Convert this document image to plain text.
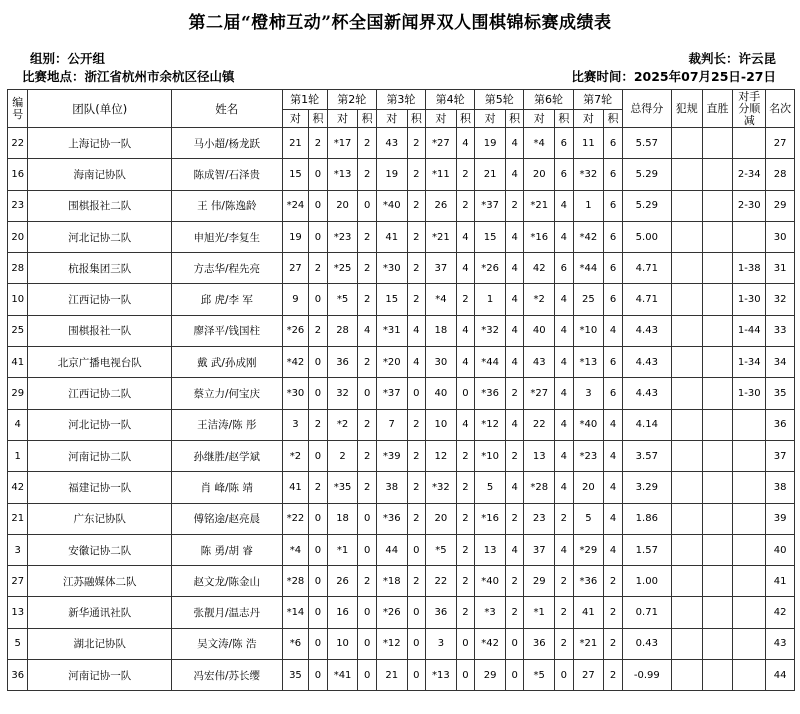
第二届“橙柿互动”杯全国新闻界双人围棋锦标赛成绩表
组别：公开组
比赛地点：浙江省杭州市余杭区径山镇
裁判长：许云昆
比赛时间：2025年07月25日-27日
编号	团队(单位)	姓名	第1轮		第2轮		第3轮		第4轮		第5轮		第6轮		第7轮		总得分	犯规	直胜	对手分顺减	名次
			对	积	对	积	对	积	对	积	对	积	对	积	对	积					
22	上海记协一队	马小超/杨龙跃	21	2	*17	2	43	2	*27	4	19	4	*4	6	11	6	5.57				27
16	海南记协队	陈成智/石泽贵	15	0	*13	2	19	2	*11	2	21	4	20	6	*32	6	5.29			2-34	28
23	围棋报社二队	王 伟/陈逸龄	*24	0	20	0	*40	2	26	2	*37	2	*21	4	1	6	5.29			2-30	29
20	河北记协二队	申旭光/李复生	19	0	*23	2	41	2	*21	4	15	4	*16	4	*42	6	5.00				30
28	杭报集团三队	方志华/程先亮	27	2	*25	2	*30	2	37	4	*26	4	42	6	*44	6	4.71			1-38	31
10	江西记协一队	邱 虎/李 军	9	0	*5	2	15	2	*4	2	1	4	*2	4	25	6	4.71			1-30	32
25	围棋报社一队	廖泽平/钱国柱	*26	2	28	4	*31	4	18	4	*32	4	40	4	*10	4	4.43			1-44	33
41	北京广播电视台队	戴 武/孙成刚	*42	0	36	2	*20	4	30	4	*44	4	43	4	*13	6	4.43			1-34	34
29	江西记协二队	蔡立力/何宝庆	*30	0	32	0	*37	0	40	0	*36	2	*27	4	3	6	4.43			1-30	35
4	河北记协一队	王洁涛/陈 彤	3	2	*2	2	7	2	10	4	*12	4	22	4	*40	4	4.14				36
1	河南记协二队	孙继胜/赵学斌	*2	0	2	2	*39	2	12	2	*10	2	13	4	*23	4	3.57				37
42	福建记协一队	肖 峰/陈 靖	41	2	*35	2	38	2	*32	2	5	4	*28	4	20	4	3.29				38
21	广东记协队	傅铭途/赵亮晨	*22	0	18	0	*36	2	20	2	*16	2	23	2	5	4	1.86				39
3	安徽记协二队	陈 勇/胡 睿	*4	0	*1	0	44	0	*5	2	13	4	37	4	*29	4	1.57				40
27	江苏融媒体二队	赵文龙/陈金山	*28	0	26	2	*18	2	22	2	*40	2	29	2	*36	2	1.00				41
13	新华通讯社队	张靓月/温志丹	*14	0	16	0	*26	0	36	2	*3	2	*1	2	41	2	0.71				42
5	湖北记协队	吴文涛/陈 浩	*6	0	10	0	*12	0	3	0	*42	0	36	2	*21	2	0.43				43
36	河南记协一队	冯宏伟/苏长缨	35	0	*41	0	21	0	*13	0	29	0	*5	0	27	2	-0.99				44
